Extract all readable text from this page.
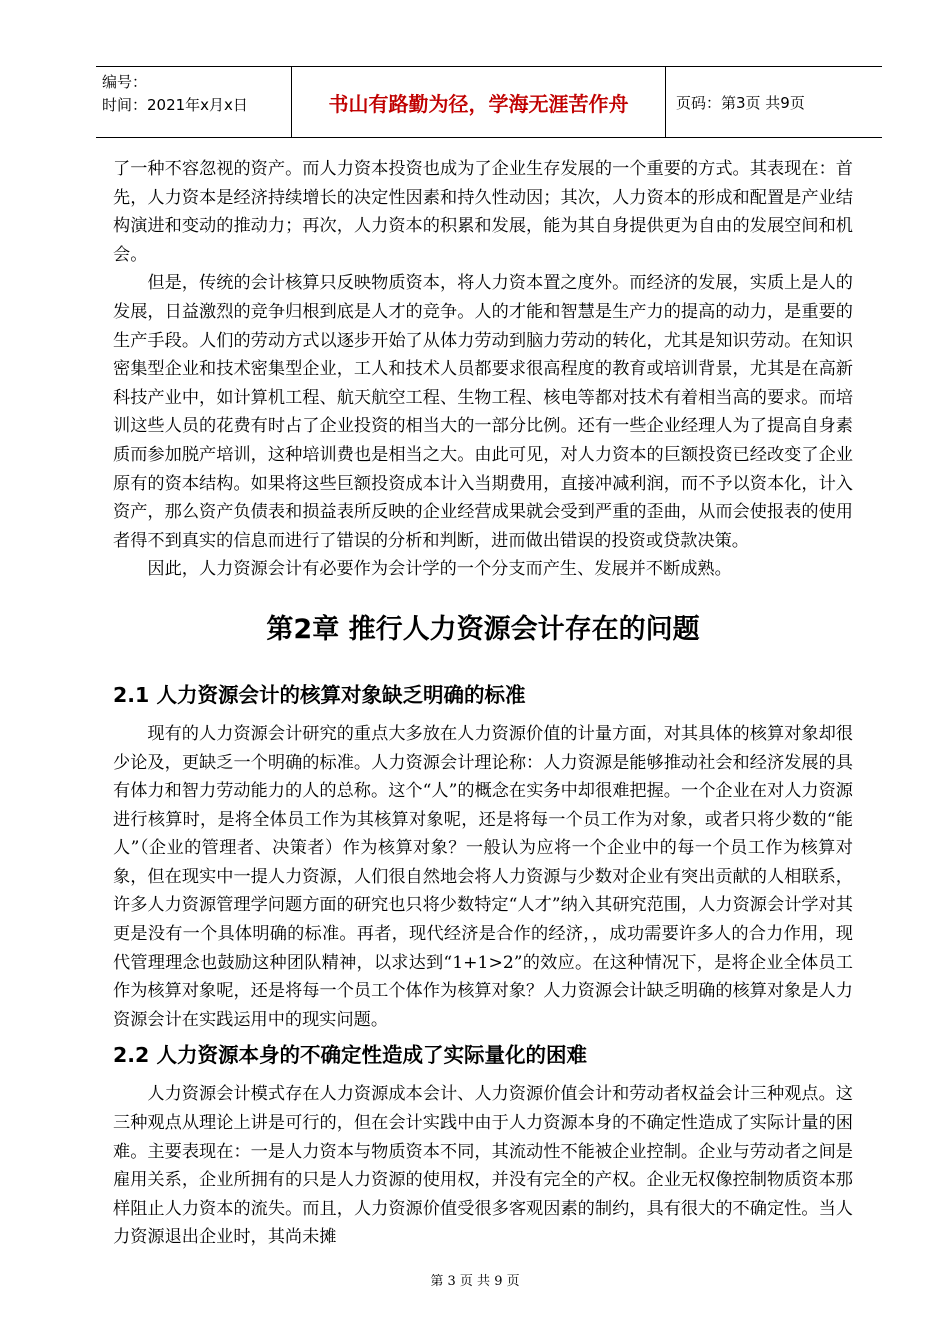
编号：
时间：2021年x月x日	书山有路勤为径，学海无涯苦作舟	页码：第3页 共9页

了一种不容忽视的资产。而人力资本投资也成为了企业生存发展的一个重要的方式。其表现在：首先，人力资本是经济持续增长的决定性因素和持久性动因；其次，人力资本的形成和配置是产业结构演进和变动的推动力；再次，人力资本的积累和发展，能为其自身提供更为自由的发展空间和机会。

但是，传统的会计核算只反映物质资本，将人力资本置之度外。而经济的发展，实质上是人的发展，日益激烈的竞争归根到底是人才的竞争。人的才能和智慧是生产力的提高的动力，是重要的生产手段。人们的劳动方式以逐步开始了从体力劳动到脑力劳动的转化，尤其是知识劳动。在知识密集型企业和技术密集型企业，工人和技术人员都要求很高程度的教育或培训背景，尤其是在高新科技产业中，如计算机工程、航天航空工程、生物工程、核电等都对技术有着相当高的要求。而培训这些人员的花费有时占了企业投资的相当大的一部分比例。还有一些企业经理人为了提高自身素质而参加脱产培训，这种培训费也是相当之大。由此可见，对人力资本的巨额投资已经改变了企业原有的资本结构。如果将这些巨额投资成本计入当期费用，直接冲减利润，而不予以资本化，计入资产，那么资产负债表和损益表所反映的企业经营成果就会受到严重的歪曲，从而会使报表的使用者得不到真实的信息而进行了错误的分析和判断，进而做出错误的投资或贷款决策。

因此，人力资源会计有必要作为会计学的一个分支而产生、发展并不断成熟。

第2章 推行人力资源会计存在的问题
2.1 人力资源会计的核算对象缺乏明确的标准

现有的人力资源会计研究的重点大多放在人力资源价值的计量方面，对其具体的核算对象却很少论及，更缺乏一个明确的标准。人力资源会计理论称：人力资源是能够推动社会和经济发展的具有体力和智力劳动能力的人的总称。这个“人”的概念在实务中却很难把握。一个企业在对人力资源进行核算时，是将全体员工作为其核算对象呢，还是将每一个员工作为对象，或者只将少数的“能人”（企业的管理者、决策者）作为核算对象？一般认为应将一个企业中的每一个员工作为核算对象，但在现实中一提人力资源，人们很自然地会将人力资源与少数对企业有突出贡献的人相联系，许多人力资源管理学问题方面的研究也只将少数特定“人才”纳入其研究范围，人力资源会计学对其更是没有一个具体明确的标准。再者，现代经济是合作的经济，，成功需要许多人的合力作用，现代管理理念也鼓励这种团队精神，以求达到“1+1>2”的效应。在这种情况下，是将企业全体员工作为核算对象呢，还是将每一个员工个体作为核算对象？人力资源会计缺乏明确的核算对象是人力资源会计在实践运用中的现实问题。

2.2 人力资源本身的不确定性造成了实际量化的困难

人力资源会计模式存在人力资源成本会计、人力资源价值会计和劳动者权益会计三种观点。这三种观点从理论上讲是可行的，但在会计实践中由于人力资源本身的不确定性造成了实际计量的困难。主要表现在：一是人力资本与物质资本不同，其流动性不能被企业控制。企业与劳动者之间是雇用关系，企业所拥有的只是人力资源的使用权，并没有完全的产权。企业无权像控制物质资本那样阻止人力资本的流失。而且，人力资源价值受很多客观因素的制约，具有很大的不确定性。当人力资源退出企业时，其尚未摊

第 3 页 共 9 页
